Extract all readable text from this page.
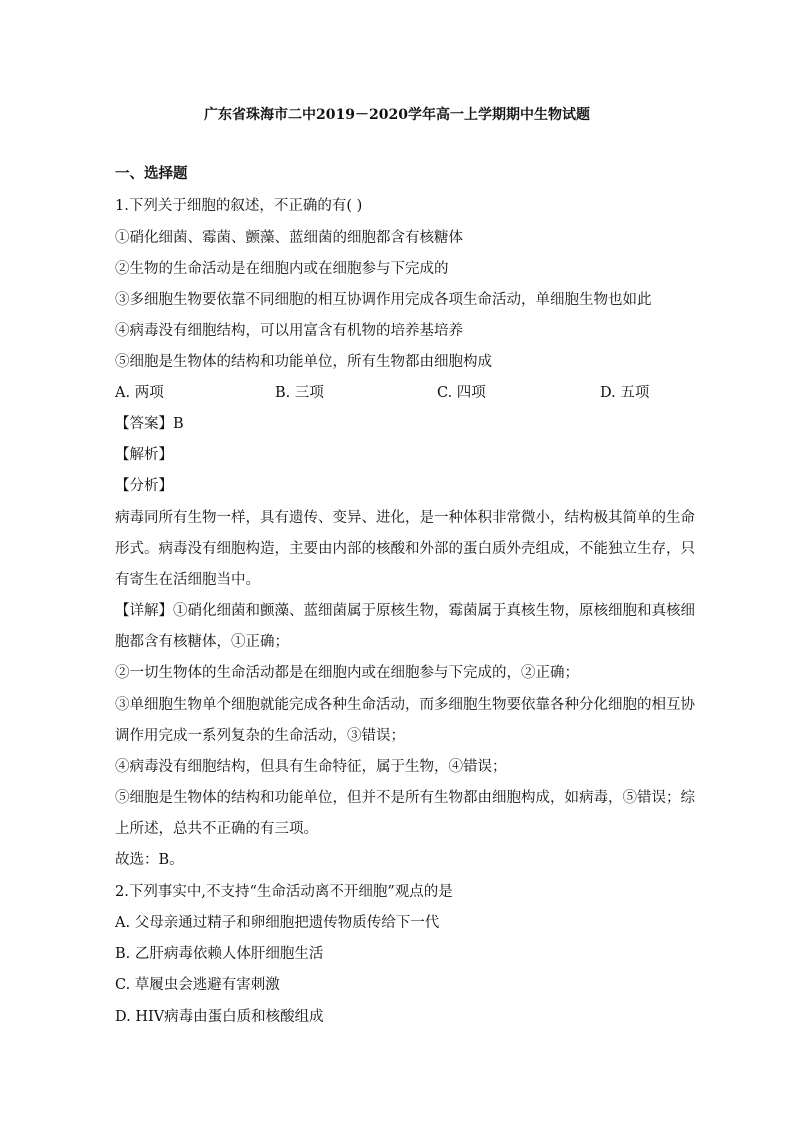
广东省珠海市二中2019－2020学年高一上学期期中生物试题
一、选择题
1.下列关于细胞的叙述，不正确的有( )
①硝化细菌、霉菌、颤藻、蓝细菌的细胞都含有核糖体
②生物的生命活动是在细胞内或在细胞参与下完成的
③多细胞生物要依靠不同细胞的相互协调作用完成各项生命活动，单细胞生物也如此
④病毒没有细胞结构，可以用富含有机物的培养基培养
⑤细胞是生物体的结构和功能单位，所有生物都由细胞构成
A. 两项	B. 三项	C. 四项	D. 五项
【答案】B
【解析】
【分析】
病毒同所有生物一样，具有遗传、变异、进化，是一种体积非常微小，结构极其简单的生命
形式。病毒没有细胞构造，主要由内部的核酸和外部的蛋白质外壳组成，不能独立生存，只
有寄生在活细胞当中。
【详解】①硝化细菌和颤藻、蓝细菌属于原核生物，霉菌属于真核生物，原核细胞和真核细
胞都含有核糖体，①正确；
②一切生物体的生命活动都是在细胞内或在细胞参与下完成的，②正确；
③单细胞生物单个细胞就能完成各种生命活动，而多细胞生物要依靠各种分化细胞的相互协
调作用完成一系列复杂的生命活动，③错误；
④病毒没有细胞结构，但具有生命特征，属于生物，④错误；
⑤细胞是生物体的结构和功能单位，但并不是所有生物都由细胞构成，如病毒，⑤错误；综
上所述，总共不正确的有三项。
故选：B。
2.下列事实中,不支持“生命活动离不开细胞”观点的是
A. 父母亲通过精子和卵细胞把遗传物质传给下一代
B. 乙肝病毒依赖人体肝细胞生活
C. 草履虫会逃避有害刺激
D. HIV病毒由蛋白质和核酸组成
